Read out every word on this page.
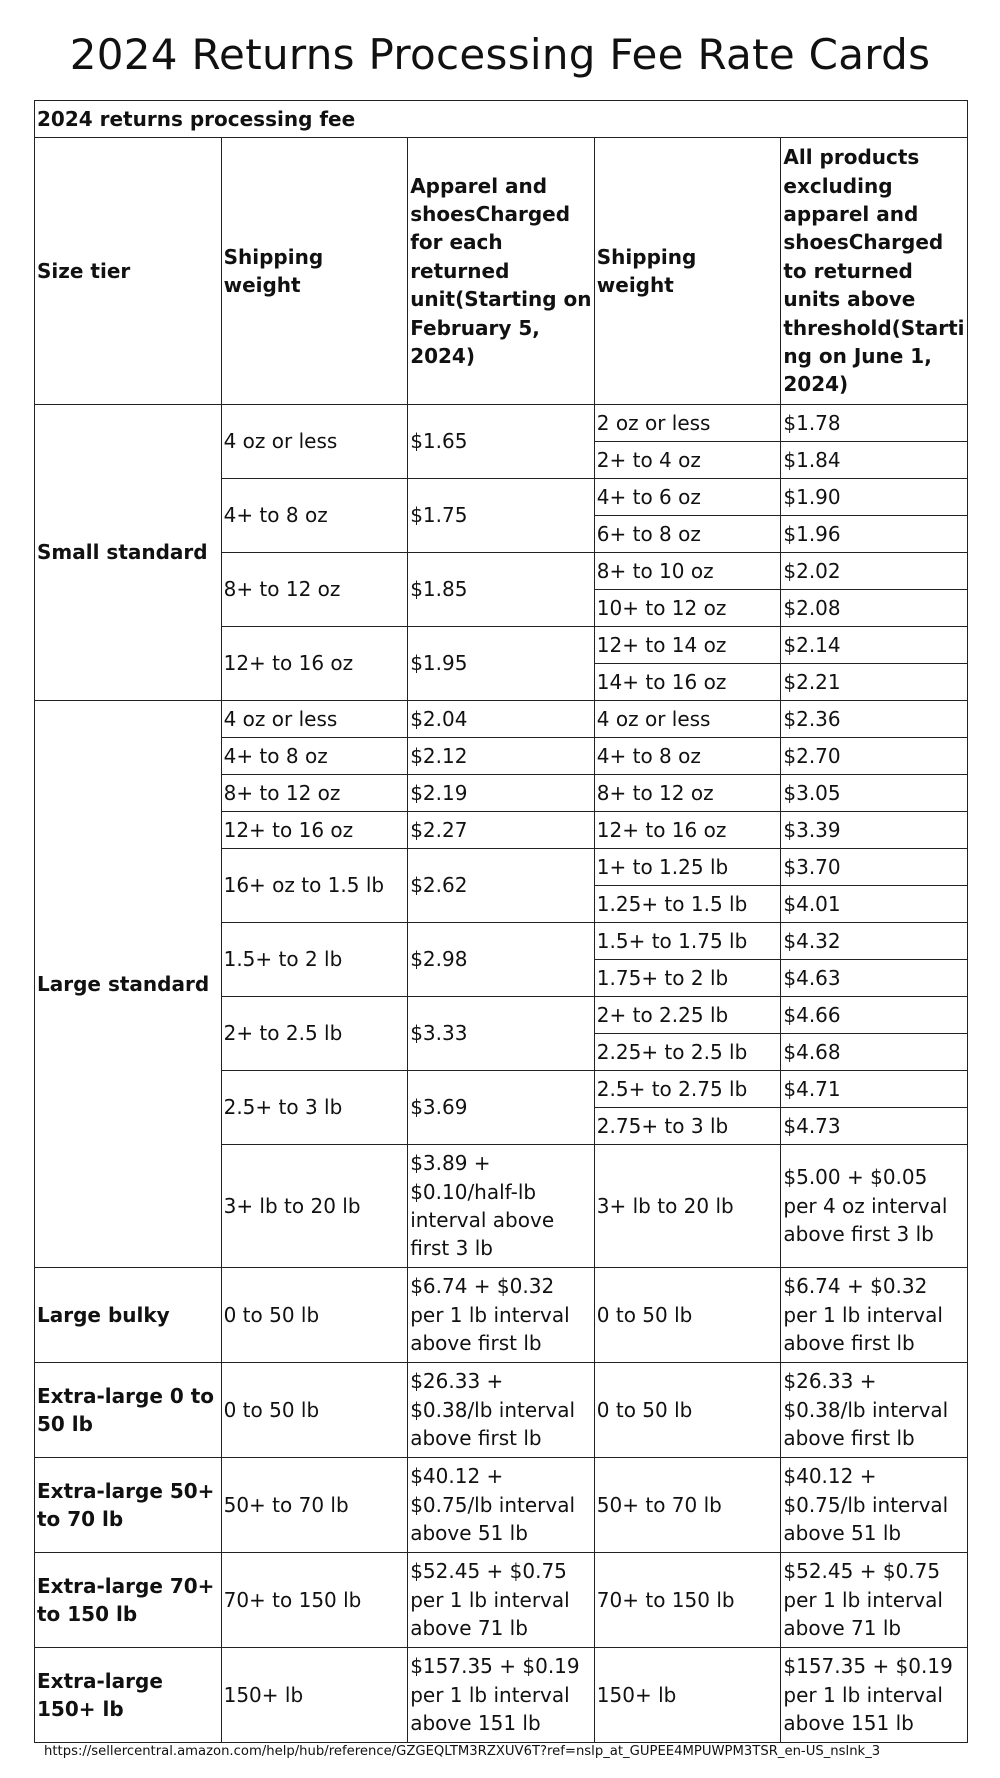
2024 Returns Processing Fee Rate Cards
2024 returns processing fee				
Size tier	Shipping weight	Apparel and shoesCharged for each returned unit(Starting on February 5, 2024)	Shipping weight	All products excluding apparel and shoesCharged to returned units above threshold(Starting on June 1, 2024)
Small standard	4 oz or less	$1.65	2 oz or less	$1.78
			2+ to 4 oz	$1.84
	4+ to 8 oz	$1.75	4+ to 6 oz	$1.90
			6+ to 8 oz	$1.96
	8+ to 12 oz	$1.85	8+ to 10 oz	$2.02
			10+ to 12 oz	$2.08
	12+ to 16 oz	$1.95	12+ to 14 oz	$2.14
			14+ to 16 oz	$2.21
Large standard	4 oz or less	$2.04	4 oz or less	$2.36
	4+ to 8 oz	$2.12	4+ to 8 oz	$2.70
	8+ to 12 oz	$2.19	8+ to 12 oz	$3.05
	12+ to 16 oz	$2.27	12+ to 16 oz	$3.39
	16+ oz to 1.5 lb	$2.62	1+ to 1.25 lb	$3.70
			1.25+ to 1.5 lb	$4.01
	1.5+ to 2 lb	$2.98	1.5+ to 1.75 lb	$4.32
			1.75+ to 2 lb	$4.63
	2+ to 2.5 lb	$3.33	2+ to 2.25 lb	$4.66
			2.25+ to 2.5 lb	$4.68
	2.5+ to 3 lb	$3.69	2.5+ to 2.75 lb	$4.71
			2.75+ to 3 lb	$4.73
	3+ lb to 20 lb	$3.89 + $0.10/half-lb interval above first 3 lb	3+ lb to 20 lb	$5.00 + $0.05 per 4 oz interval above first 3 lb
Large bulky	0 to 50 lb	$6.74 + $0.32 per 1 lb interval above first lb	0 to 50 lb	$6.74 + $0.32 per 1 lb interval above first lb
Extra-large 0 to 50 lb	0 to 50 lb	$26.33 + $0.38/lb interval above first lb	0 to 50 lb	$26.33 + $0.38/lb interval above first lb
Extra-large 50+ to 70 lb	50+ to 70 lb	$40.12 + $0.75/lb interval above 51 lb	50+ to 70 lb	$40.12 + $0.75/lb interval above 51 lb
Extra-large 70+ to 150 lb	70+ to 150 lb	$52.45 + $0.75 per 1 lb interval above 71 lb	70+ to 150 lb	$52.45 + $0.75 per 1 lb interval above 71 lb
Extra-large 150+ lb	150+ lb	$157.35 + $0.19 per 1 lb interval above 151 lb	150+ lb	$157.35 + $0.19 per 1 lb interval above 151 lb
https://sellercentral.amazon.com/help/hub/reference/GZGEQLTM3RZXUV6T?ref=nslp_at_GUPEE4MPUWPM3TSR_en-US_nslnk_3
